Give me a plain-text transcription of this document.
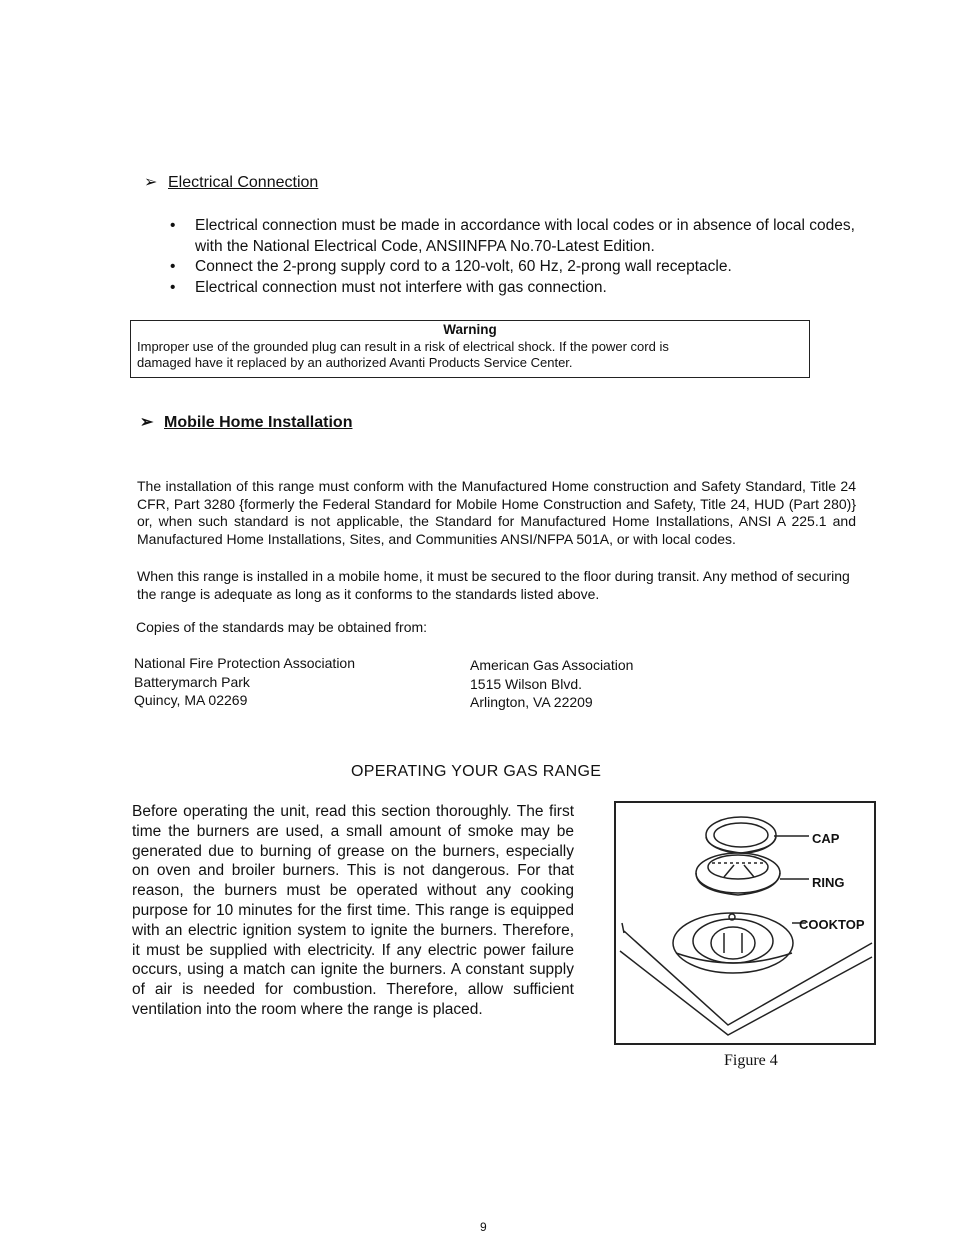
➢ Electrical Connection
• Electrical connection must be made in accordance with local codes or in absence of local codes, with the National Electrical Code, ANSIINFPA No.70-Latest Edition.
• Connect the 2-prong supply cord to a 120-volt, 60 Hz, 2-prong wall receptacle.
• Electrical connection must not interfere with gas connection.
Warning
Improper use of the grounded plug can result in a risk of electrical shock. If the power cord is
damaged have it replaced by an authorized Avanti Products Service Center.
➢ Mobile Home Installation
The installation of this range must conform with the Manufactured Home construction and Safety Standard, Title 24 CFR, Part 3280 {formerly the Federal Standard for Mobile Home Construction and Safety, Title 24, HUD (Part 280)} or, when such standard is not applicable, the Standard for Manufactured Home Installations, ANSI A 225.1 and Manufactured Home Installations, Sites, and Communities ANSI/NFPA 501A, or with local codes.
When this range is installed in a mobile home, it must be secured to the floor during transit. Any method of securing the range is adequate as long as it conforms to the standards listed above.
Copies of the standards may be obtained from:
National Fire Protection Association
Batterymarch Park
Quincy, MA 02269
American Gas Association
1515 Wilson Blvd.
Arlington, VA 22209
OPERATING YOUR GAS RANGE
Before operating the unit, read this section thoroughly. The first time the burners are used, a small amount of smoke may be generated due to burning of grease on the burners, especially on oven and broiler burners. This is not dangerous. For that reason, the burners must be operated without any cooking purpose for 10 minutes for the first time. This range is equipped with an electric ignition system to ignite the burners. Therefore, it must be supplied with electricity. If any electric power failure occurs, using a match can ignite the burners. A constant supply of air is needed for combustion. Therefore, allow sufficient ventilation into the room where the range is placed.
CAP
RING
COOKTOP
Figure 4
9
